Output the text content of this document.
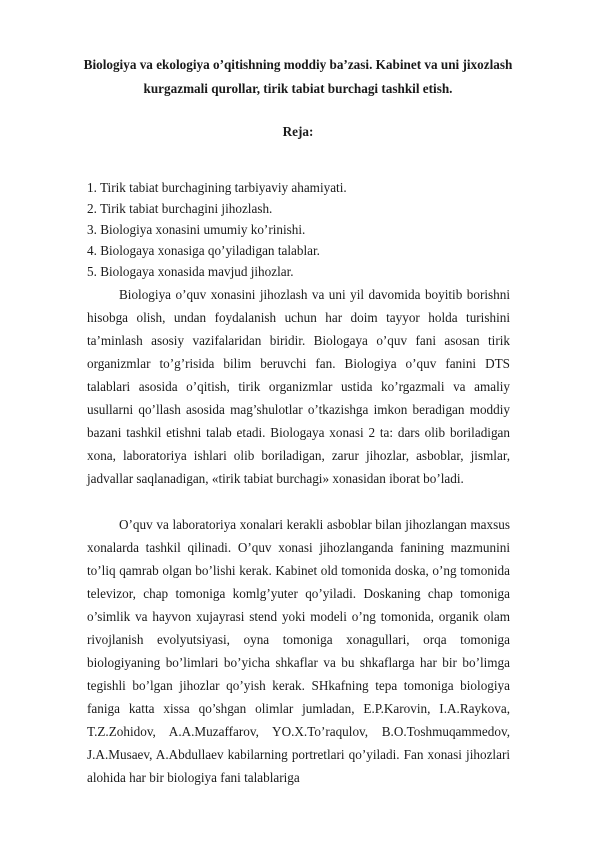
Biologiya va ekologiya o’qitishning moddiy ba’zasi. Kabinet va uni jixozlash
kurgazmali qurollar, tirik tabiat burchagi tashkil etish.
Reja:
1. Tirik tabiat burchagining tarbiyaviy ahamiyati.
2. Tirik tabiat burchagini jihozlash.
3. Biologiya xonasini umumiy ko’rinishi.
4. Biologaya xonasiga qo’yiladigan talablar.
5. Biologaya xonasida mavjud jihozlar.

Biologiya o’quv xonasini jihozlash va uni yil davomida boyitib borishni hisobga olish, undan foydalanish uchun har doim tayyor holda turishini ta’minlash asosiy vazifalaridan biridir. Biologaya o’quv fani asosan tirik organizmlar to’g’risida bilim beruvchi fan. Biologiya o’quv fanini DTS talablari asosida o’qitish, tirik organizmlar ustida ko’rgazmali va amaliy usullarni qo’llash asosida mag’shulotlar o’tkazishga imkon beradigan moddiy bazani tashkil etishni talab etadi. Biologaya xonasi 2 ta: dars olib boriladigan xona, laboratoriya ishlari olib boriladigan, zarur jihozlar, asboblar, jismlar, jadvallar saqlanadigan, «tirik tabiat burchagi» xonasidan iborat bo’ladi.

O’quv va laboratoriya xonalari kerakli asboblar bilan jihozlangan maxsus xonalarda tashkil qilinadi. O’quv xonasi jihozlanganda fanining mazmunini to’liq qamrab olgan bo’lishi kerak. Kabinet old tomonida doska, o’ng tomonida televizor, chap tomoniga komlg’yuter qo’yiladi. Doskaning chap tomoniga o’simlik va hayvon xujayrasi stend yoki modeli o’ng tomonida, organik olam rivojlanish evolyutsiyasi, oyna tomoniga xonagullari, orqa tomoniga biologiyaning bo’limlari bo’yicha shkaflar va bu shkaflarga har bir bo’limga tegishli bo’lgan jihozlar qo’yish kerak. SHkafning tepa tomoniga biologiya faniga katta xissa qo’shgan olimlar jumladan, E.P.Karovin, I.A.Raykova, T.Z.Zohidov, A.A.Muzaffarov, YO.X.To’raqulov, B.O.Toshmuqammedov, J.A.Musaev, A.Abdullaev kabilarning portretlari qo’yiladi. Fan xonasi jihozlari alohida har bir biologiya fani talablariga
